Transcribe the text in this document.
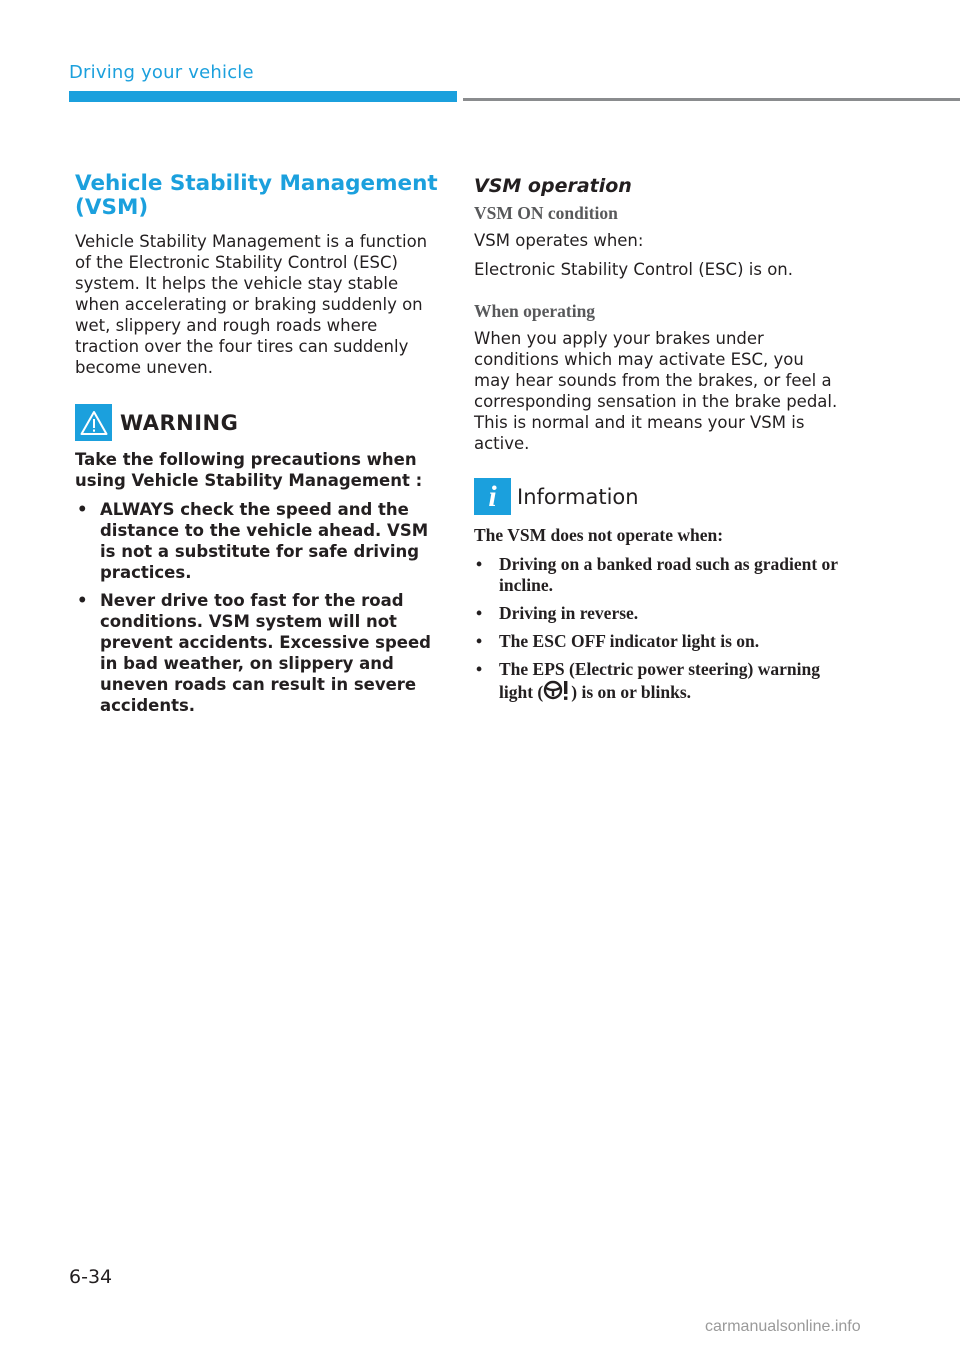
Driving your vehicle
Vehicle Stability Management (VSM)

Vehicle Stability Management is a function of the Electronic Stability Control (ESC) system. It helps the vehicle stay stable when accelerating or braking suddenly on wet, slippery and rough roads where traction over the four tires can suddenly become uneven.

WARNING

Take the following precautions when using Vehicle Stability Management :

• ALWAYS check the speed and the distance to the vehicle ahead. VSM is not a substitute for safe driving practices.
• Never drive too fast for the road conditions. VSM system will not prevent accidents. Excessive speed in bad weather, on slippery and uneven roads can result in severe accidents.
VSM operation
VSM ON condition

VSM operates when:

Electronic Stability Control (ESC) is on.

When operating

When you apply your brakes under conditions which may activate ESC, you may hear sounds from the brakes, or feel a corresponding sensation in the brake pedal. This is normal and it means your VSM is active.

i Information

The VSM does not operate when:

• Driving on a banked road such as gradient or incline.
• Driving in reverse.
• The ESC OFF indicator light is on.
• The EPS (Electric power steering) warning light ( ) is on or blinks.
6-34
carmanualsonline.info
